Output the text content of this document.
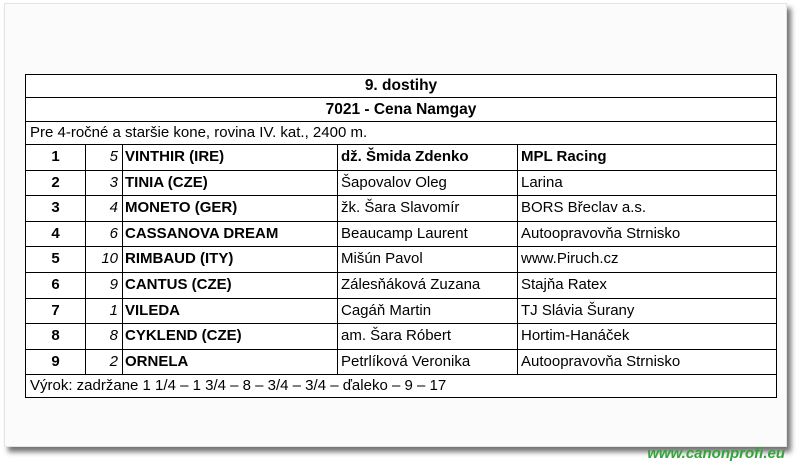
9. dostihy
7021 - Cena Namgay
Pre 4-ročné a staršie kone, rovina IV. kat., 2400 m.
1	5 VINTHIR (IRE)	dž. Šmida Zdenko	MPL Racing
2	3 TINIA (CZE)	Šapovalov Oleg	Larina
3	4 MONETO (GER)	žk. Šara Slavomír	BORS Břeclav a.s.
4	6 CASSANOVA DREAM	Beaucamp Laurent	Autoopravovňa Strnisko
5	10 RIMBAUD (ITY)	Mišún Pavol	www.Piruch.cz
6	9 CANTUS (CZE)	Zálesňáková Zuzana	Stajňa Ratex
7	1 VILEDA	Cagáň Martin	TJ Slávia Šurany
8	8 CYKLEND (CZE)	am. Šara Róbert	Hortim-Hanáček
9	2 ORNELA	Petrlíková Veronika	Autoopravovňa Strnisko
Výrok: zadržane 1 1/4 – 1 3/4 – 8 – 3/4 – 3/4 – ďaleko – 9 – 17
www.canonprofi.eu
